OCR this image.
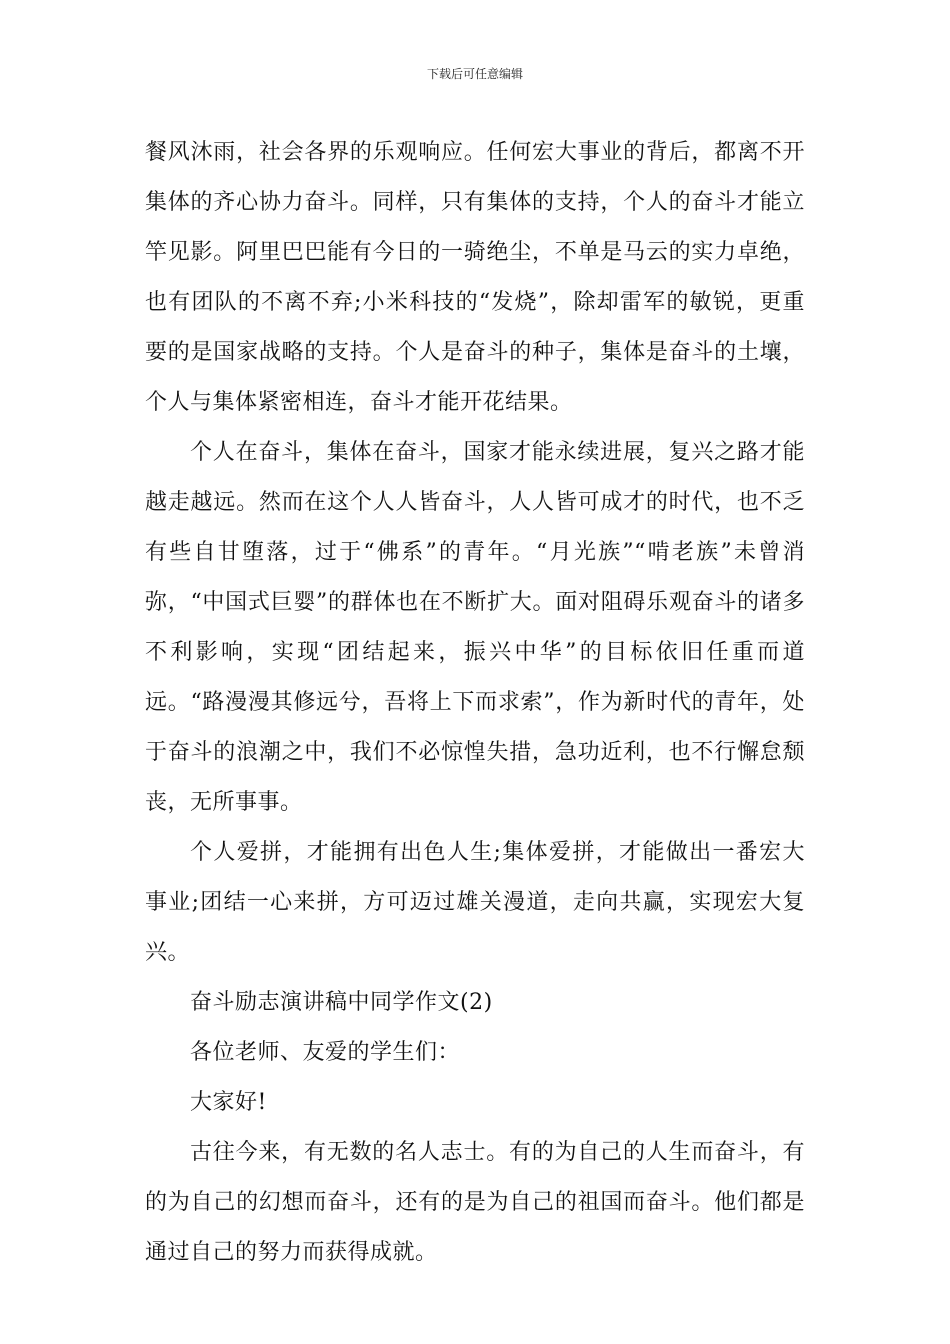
下载后可任意编辑

餐风沐雨，社会各界的乐观响应。任何宏大事业的背后，都离不开集体的齐心协力奋斗。同样，只有集体的支持，个人的奋斗才能立竿见影。阿里巴巴能有今日的一骑绝尘，不单是马云的实力卓绝，也有团队的不离不弃;小米科技的“发烧”，除却雷军的敏锐，更重要的是国家战略的支持。个人是奋斗的种子，集体是奋斗的土壤，个人与集体紧密相连，奋斗才能开花结果。

个人在奋斗，集体在奋斗，国家才能永续进展，复兴之路才能越走越远。然而在这个人人皆奋斗，人人皆可成才的时代，也不乏有些自甘堕落，过于“佛系”的青年。“月光族”“啃老族”未曾消弥，“中国式巨婴”的群体也在不断扩大。面对阻碍乐观奋斗的诸多不利影响，实现“团结起来，振兴中华”的目标依旧任重而道远。“路漫漫其修远兮，吾将上下而求索”，作为新时代的青年，处于奋斗的浪潮之中，我们不必惊惶失措，急功近利，也不行懈怠颓丧，无所事事。

个人爱拼，才能拥有出色人生;集体爱拼，才能做出一番宏大事业;团结一心来拼，方可迈过雄关漫道，走向共赢，实现宏大复兴。

奋斗励志演讲稿中同学作文(2)

各位老师、友爱的学生们：

大家好!

古往今来，有无数的名人志士。有的为自己的人生而奋斗，有的为自己的幻想而奋斗，还有的是为自己的祖国而奋斗。他们都是通过自己的努力而获得成就。
